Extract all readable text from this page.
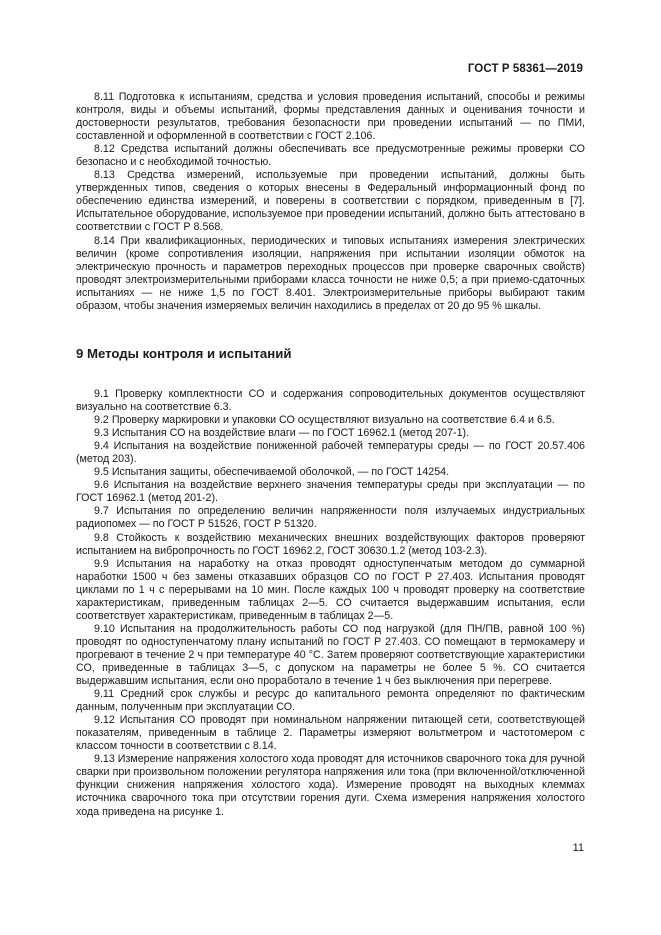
ГОСТ Р 58361—2019

8.11 Подготовка к испытаниям, средства и условия проведения испытаний, способы и режимы контроля, виды и объемы испытаний, формы представления данных и оценивания точности и достоверности результатов, требования безопасности при проведении испытаний — по ПМИ, составленной и оформленной в соответствии с ГОСТ 2.106.

8.12 Средства испытаний должны обеспечивать все предусмотренные режимы проверки СО безопасно и с необходимой точностью.

8.13 Средства измерений, используемые при проведении испытаний, должны быть утвержденных типов, сведения о которых внесены в Федеральный информационный фонд по обеспечению единства измерений, и поверены в соответствии с порядком, приведенным в [7]. Испытательное оборудование, используемое при проведении испытаний, должно быть аттестовано в соответствии с ГОСТ Р 8.568.

8.14 При квалификационных, периодических и типовых испытаниях измерения электрических величин (кроме сопротивления изоляции, напряжения при испытании изоляции обмоток на электрическую прочность и параметров переходных процессов при проверке сварочных свойств) проводят электроизмерительными приборами класса точности не ниже 0,5; а при приемо-сдаточных испытаниях — не ниже 1,5 по ГОСТ 8.401. Электроизмерительные приборы выбирают таким образом, чтобы значения измеряемых величин находились в пределах от 20 до 95 % шкалы.

9 Методы контроля и испытаний

9.1 Проверку комплектности СО и содержания сопроводительных документов осуществляют визуально на соответствие 6.3.

9.2 Проверку маркировки и упаковки СО осуществляют визуально на соответствие 6.4 и 6.5.

9.3 Испытания СО на воздействие влаги — по ГОСТ 16962.1 (метод 207-1).

9.4 Испытания на воздействие пониженной рабочей температуры среды — по ГОСТ 20.57.406 (метод 203).

9.5 Испытания защиты, обеспечиваемой оболочкой, — по ГОСТ 14254.

9.6 Испытания на воздействие верхнего значения температуры среды при эксплуатации — по ГОСТ 16962.1 (метод 201-2).

9.7 Испытания по определению величин напряженности поля излучаемых индустриальных радиопомех — по ГОСТ Р 51526, ГОСТ Р 51320.

9.8 Стойкость к воздействию механических внешних воздействующих факторов проверяют испытанием на вибропрочность по ГОСТ 16962.2, ГОСТ 30630.1.2 (метод 103-2.3).

9.9 Испытания на наработку на отказ проводят одноступенчатым методом до суммарной наработки 1500 ч без замены отказавших образцов СО по ГОСТ Р 27.403. Испытания проводят циклами по 1 ч с перерывами на 10 мин. После каждых 100 ч проводят проверку на соответствие характеристикам, приведенным таблицах 2—5. СО считается выдержавшим испытания, если соответствует характеристикам, приведенным в таблицах 2—5.

9.10 Испытания на продолжительность работы СО под нагрузкой (для ПН/ПВ, равной 100 %) проводят по одноступенчатому плану испытаний по ГОСТ Р 27.403. СО помещают в термокамеру и прогревают в течение 2 ч при температуре 40 °С. Затем проверяют соответствующие характеристики СО, приведенные в таблицах 3—5, с допуском на параметры не более 5 %. СО считается выдержавшим испытания, если оно проработало в течение 1 ч без выключения при перегреве.

9.11 Средний срок службы и ресурс до капитального ремонта определяют по фактическим данным, полученным при эксплуатации СО.

9.12 Испытания СО проводят при номинальном напряжении питающей сети, соответствующей показателям, приведенным в таблице 2. Параметры измеряют вольтметром и частотомером с классом точности в соответствии с 8.14.

9.13 Измерение напряжения холостого хода проводят для источников сварочного тока для ручной сварки при произвольном положении регулятора напряжения или тока (при включенной/отключенной функции снижения напряжения холостого хода). Измерение проводят на выходных клеммах источника сварочного тока при отсутствии горения дуги. Схема измерения напряжения холостого хода приведена на рисунке 1.

11
